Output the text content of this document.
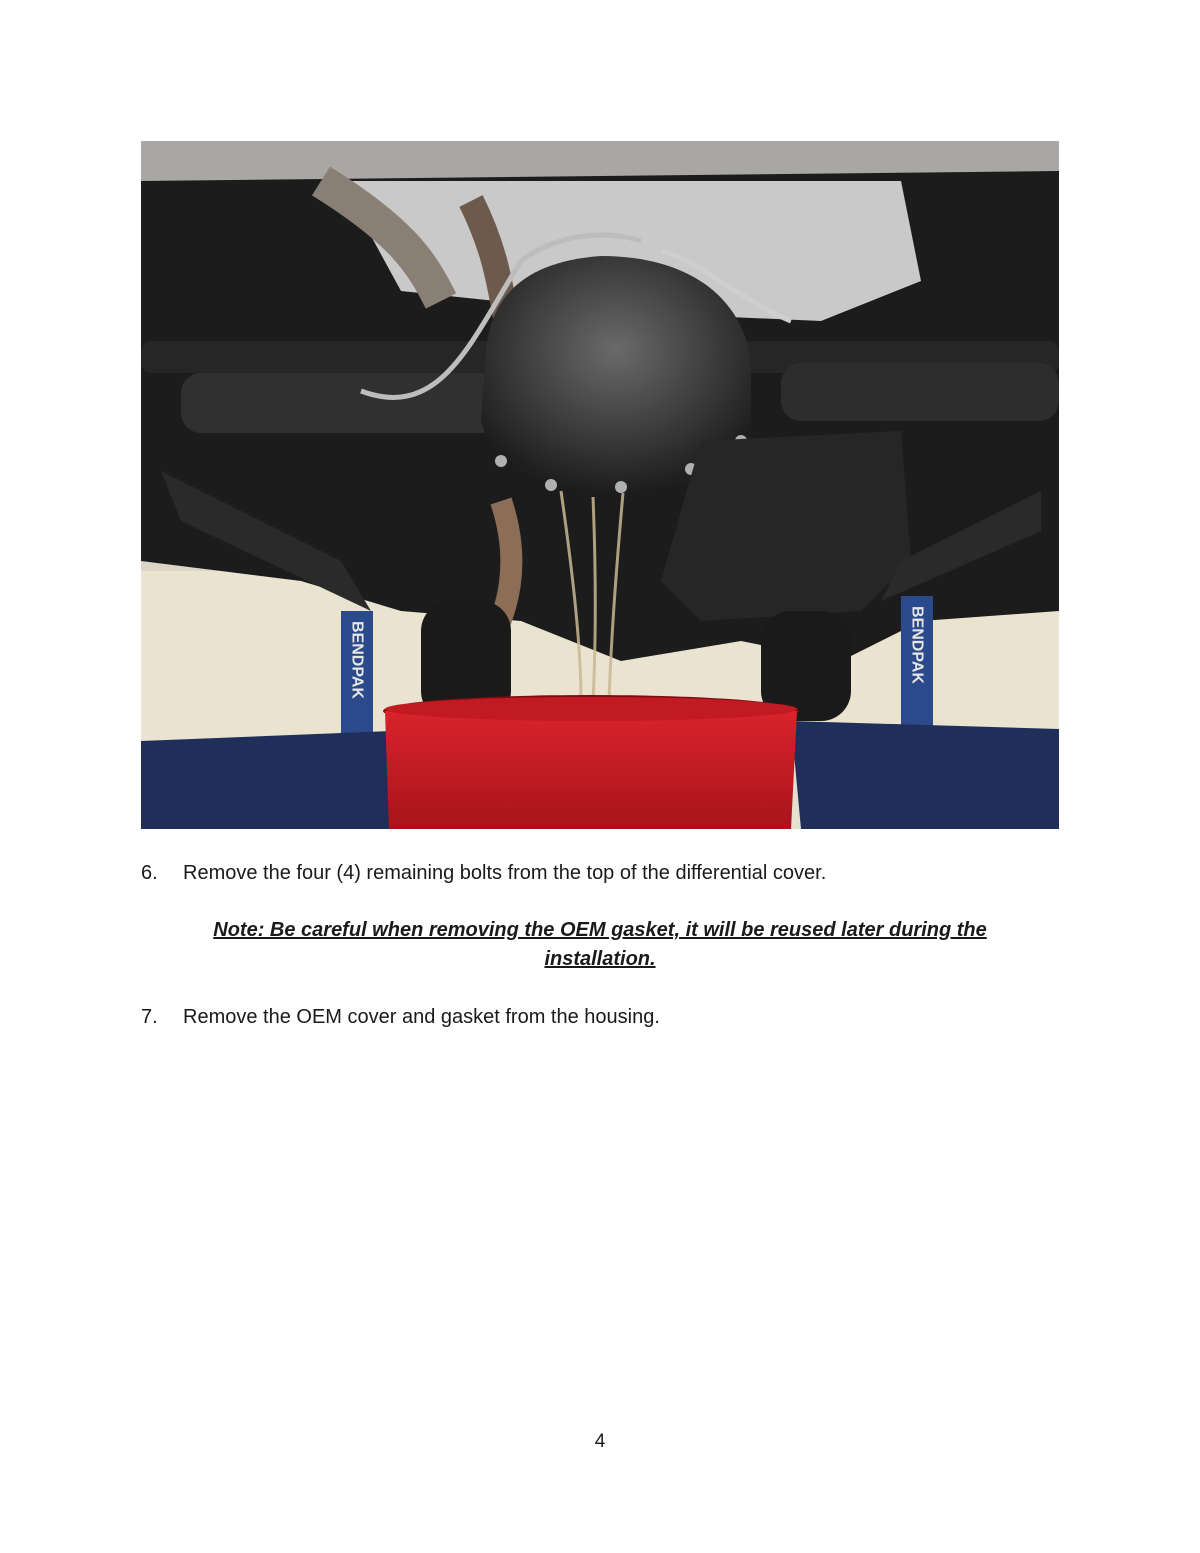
BENDPAK	BENDPAK
6. Remove the four (4) remaining bolts from the top of the differential cover.
Note: Be careful when removing the OEM gasket, it will be reused later during the
installation.
7. Remove the OEM cover and gasket from the housing.
4
